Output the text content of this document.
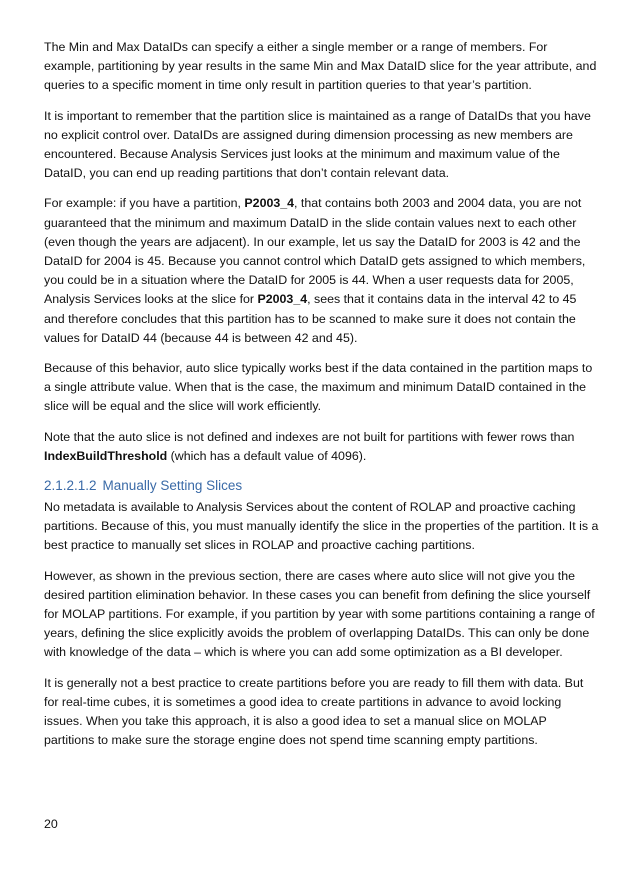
The Min and Max DataIDs can specify a either a single member or a range of members. For example, partitioning by year results in the same Min and Max DataID slice for the year attribute, and queries to a specific moment in time only result in partition queries to that year’s partition.

It is important to remember that the partition slice is maintained as a range of DataIDs that you have no explicit control over. DataIDs are assigned during dimension processing as new members are encountered. Because Analysis Services just looks at the minimum and maximum value of the DataID, you can end up reading partitions that don’t contain relevant data.

For example: if you have a partition, P2003_4, that contains both 2003 and 2004 data, you are not guaranteed that the minimum and maximum DataID in the slide contain values next to each other (even though the years are adjacent). In our example, let us say the DataID for 2003 is 42 and the DataID for 2004 is 45. Because you cannot control which DataID gets assigned to which members, you could be in a situation where the DataID for 2005 is 44. When a user requests data for 2005, Analysis Services looks at the slice for P2003_4, sees that it contains data in the interval 42 to 45 and therefore concludes that this partition has to be scanned to make sure it does not contain the values for DataID 44 (because 44 is between 42 and 45).

Because of this behavior, auto slice typically works best if the data contained in the partition maps to a single attribute value. When that is the case, the maximum and minimum DataID contained in the slice will be equal and the slice will work efficiently.

Note that the auto slice is not defined and indexes are not built for partitions with fewer rows than IndexBuildThreshold (which has a default value of 4096).

2.1.2.1.2 Manually Setting Slices

No metadata is available to Analysis Services about the content of ROLAP and proactive caching partitions. Because of this, you must manually identify the slice in the properties of the partition. It is a best practice to manually set slices in ROLAP and proactive caching partitions.

However, as shown in the previous section, there are cases where auto slice will not give you the desired partition elimination behavior. In these cases you can benefit from defining the slice yourself for MOLAP partitions. For example, if you partition by year with some partitions containing a range of years, defining the slice explicitly avoids the problem of overlapping DataIDs. This can only be done with knowledge of the data – which is where you can add some optimization as a BI developer.

It is generally not a best practice to create partitions before you are ready to fill them with data. But for real-time cubes, it is sometimes a good idea to create partitions in advance to avoid locking issues. When you take this approach, it is also a good idea to set a manual slice on MOLAP partitions to make sure the storage engine does not spend time scanning empty partitions.

20
